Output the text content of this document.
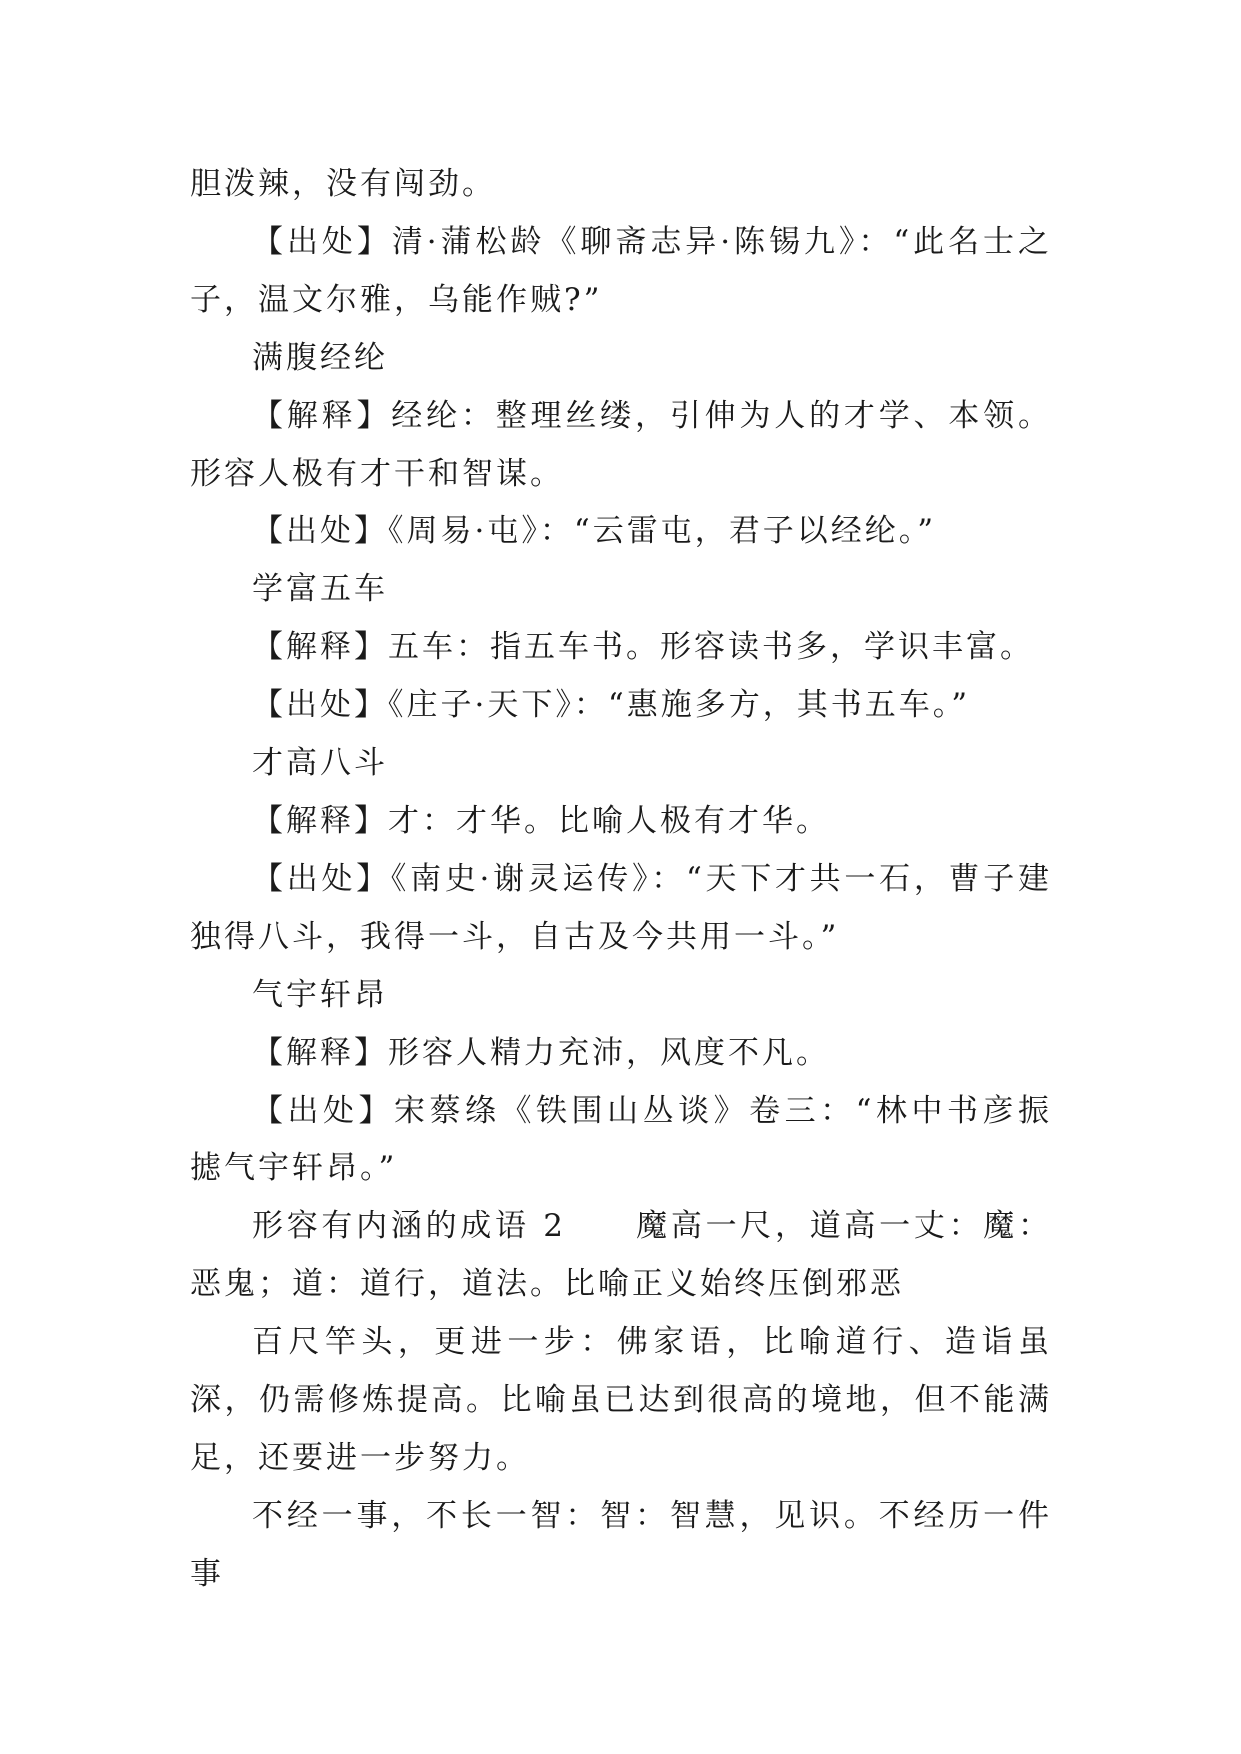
胆泼辣，没有闯劲。

【出处】清·蒲松龄《聊斋志异·陈锡九》：“此名士之子，温文尔雅，乌能作贼?”

满腹经纶

【解释】经纶：整理丝缕，引伸为人的才学、本领。形容人极有才干和智谋。

【出处】《周易·屯》：“云雷屯，君子以经纶。”

学富五车

【解释】五车：指五车书。形容读书多，学识丰富。

【出处】《庄子·天下》：“惠施多方，其书五车。”

才高八斗

【解释】才：才华。比喻人极有才华。

【出处】《南史·谢灵运传》：“天下才共一石，曹子建独得八斗，我得一斗，自古及今共用一斗。”

气宇轩昂

【解释】形容人精力充沛，风度不凡。

【出处】宋蔡绦《铁围山丛谈》卷三：“林中书彦振摅气宇轩昂。”

形容有内涵的成语 2　　魔高一尺，道高一丈：魔：恶鬼；道：道行，道法。比喻正义始终压倒邪恶

百尺竿头，更进一步：佛家语，比喻道行、造诣虽深，仍需修炼提高。比喻虽已达到很高的境地，但不能满足，还要进一步努力。

不经一事，不长一智：智：智慧，见识。不经历一件事
